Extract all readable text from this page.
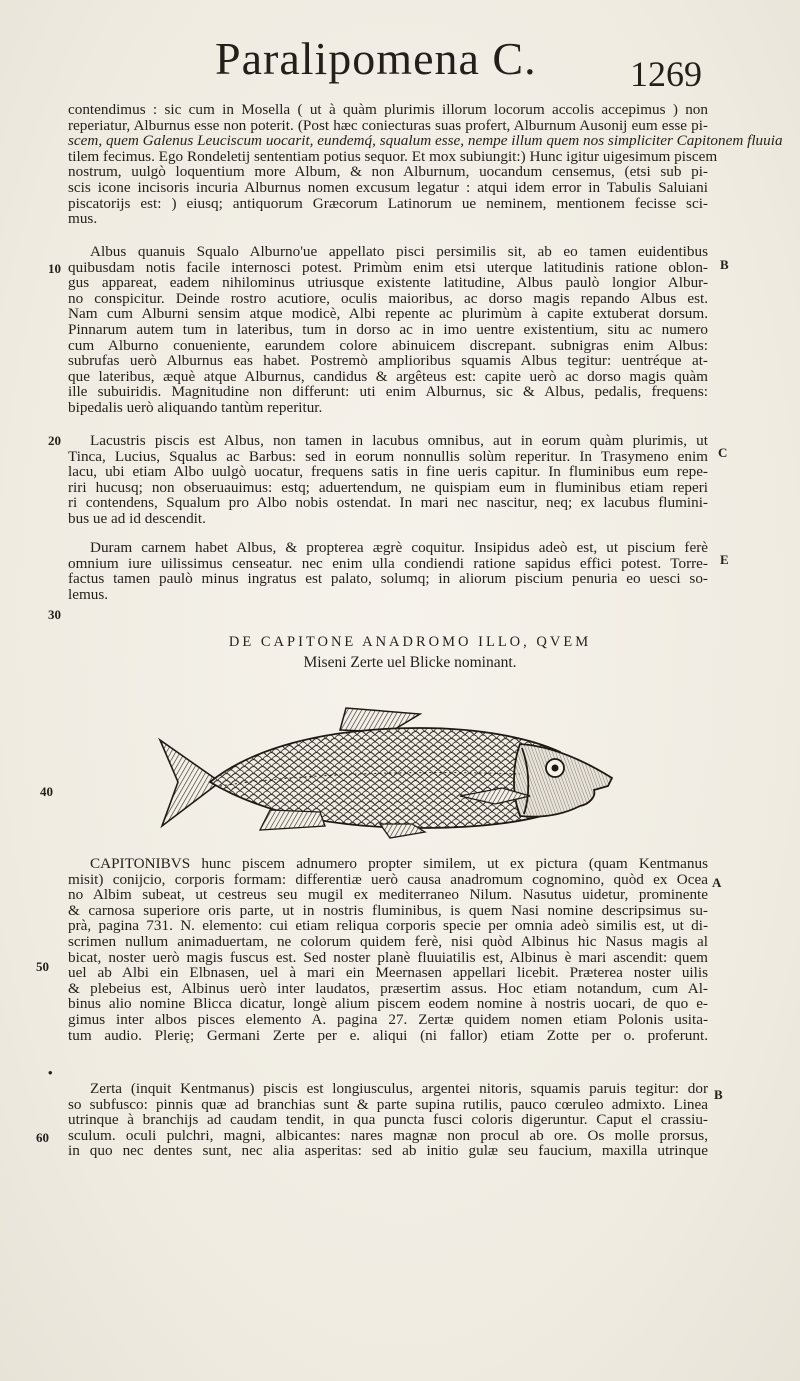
Paralipomena C.	1269
contendimus : sic cum in Mosella ( ut à quàm plurimis illorum locorum accolis accepimus ) non
reperiatur, Alburnus esse non poterit. (Post hæc coniecturas suas profert, Alburnum Ausonij eum esse pi-
scem, quem Galenus Leuciscum uocarit, eundemq́, squalum esse, nempe illum quem nos simpliciter Capitonem fluuia
tilem fecimus. Ego Rondeletij sententiam potius sequor. Et mox subiungit:) Hunc igitur uigesimum piscem
nostrum, uulgò loquentium more Album, & non Alburnum, uocandum censemus, (etsi sub pi-
scis icone incisoris incuria Alburnus nomen excusum legatur : atqui idem error in Tabulis Saluiani
piscatorijs est: ) eiusq; antiquorum Græcorum Latinorum ue neminem, mentionem fecisse sci-
mus.
Albus quanuis Squalo Alburno'ue appellato pisci persimilis sit, ab eo tamen euidentibus
quibusdam notis facile internosci potest. Primùm enim etsi uterque latitudinis ratione oblon-
gus appareat, eadem nihilominus utriusque existente latitudine, Albus paulò longior Albur-
no conspicitur. Deinde rostro acutiore, oculis maioribus, ac dorso magis repando Albus est.
Nam cum Alburni sensim atque modicè, Albi repente ac plurimùm à capite extuberat dorsum.
Pinnarum autem tum in lateribus, tum in dorso ac in imo uentre existentium, situ ac numero
cum Alburno conueniente, earundem colore abinuicem discrepant. subnigras enim Albus:
subrufas uerò Alburnus eas habet. Postremò amplioribus squamis Albus tegitur: uentréque at-
que lateribus, æquè atque Alburnus, candidus & argêteus est: capite uerò ac dorso magis quàm
ille subuiridis. Magnitudine non differunt: uti enim Alburnus, sic & Albus, pedalis, frequens:
bipedalis uerò aliquando tantùm reperitur.
Lacustris piscis est Albus, non tamen in lacubus omnibus, aut in eorum quàm plurimis, ut
Tinca, Lucius, Squalus ac Barbus: sed in eorum nonnullis solùm reperitur. In Trasymeno enim
lacu, ubi etiam Albo uulgò uocatur, frequens satis in fine ueris capitur. In fluminibus eum repe-
riri hucusq; non obseruauimus: estq; aduertendum, ne quispiam eum in fluminibus etiam reperi
ri contendens, Squalum pro Albo nobis ostendat. In mari nec nascitur, neq; ex lacubus flumini-
bus ue ad id descendit.
Duram carnem habet Albus, & propterea ægrè coquitur. Insipidus adeò est, ut piscium ferè
omnium iure uilissimus censeatur. nec enim ulla condiendi ratione sapidus effici potest. Torre-
factus tamen paulò minus ingratus est palato, solumq; in aliorum piscium penuria eo uesci so-
lemus.
DE CAPITONE ANADROMO ILLO, QVEM
Miseni Zerte uel Blicke nominant.
CAPITONIBVS hunc piscem adnumero propter similem, ut ex pictura (quam Kentmanus
misit) conijcio, corporis formam: differentiæ uerò causa anadromum cognomino, quòd ex Ocea
no Albim subeat, ut cestreus seu mugil ex mediterraneo Nilum. Nasutus uidetur, prominente
& carnosa superiore oris parte, ut in nostris fluminibus, is quem Nasi nomine descripsimus su-
prà, pagina 731. N. elemento: cui etiam reliqua corporis specie per omnia adeò similis est, ut di-
scrimen nullum animaduertam, ne colorum quidem ferè, nisi quòd Albinus hic Nasus magis al
bicat, noster uerò magis fuscus est. Sed noster planè fluuiatilis est, Albinus è mari ascendit: quem
uel ab Albi ein Elbnasen, uel à mari ein Meernasen appellari licebit. Præterea noster uilis
& plebeius est, Albinus uerò inter laudatos, præsertim assus. Hoc etiam notandum, cum Al-
binus alio nomine Blicca dicatur, longè alium piscem eodem nomine à nostris uocari, de quo e-
gimus inter albos pisces elemento A. pagina 27. Zertæ quidem nomen etiam Polonis usita-
tum audio. Plerię; Germani Zerte per e. aliqui (ni fallor) etiam Zotte per o. proferunt.
Zerta (inquit Kentmanus) piscis est longiusculus, argentei nitoris, squamis paruis tegitur: dor
so subfusco: pinnis quæ ad branchias sunt & parte supina rutilis, pauco cœruleo admixto. Linea
utrinque à branchijs ad caudam tendit, in qua puncta fusci coloris digeruntur. Caput el crassiu-
sculum. oculi pulchri, magni, albicantes: nares magnæ non procul ab ore. Os molle prorsus,
in quo nec dentes sunt, nec alia asperitas: sed ab initio gulæ seu faucium, maxilla utrinque
10
20
30
40
50
60
•
B
C
E
A
B
